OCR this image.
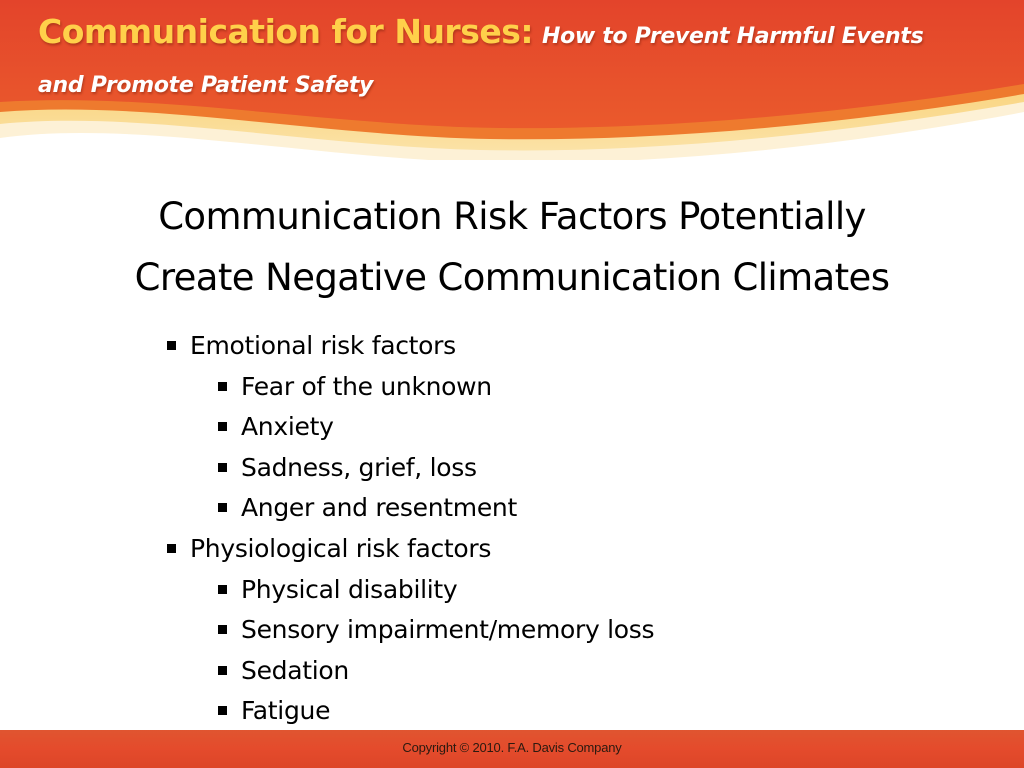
Communication for Nurses: How to Prevent Harmful Events
and Promote Patient Safety
Communication Risk Factors Potentially
Create Negative Communication Climates
Emotional risk factors
Fear of the unknown
Anxiety
Sadness, grief, loss
Anger and resentment
Physiological risk factors
Physical disability
Sensory impairment/memory loss
Sedation
Fatigue
Copyright © 2010. F.A. Davis Company
